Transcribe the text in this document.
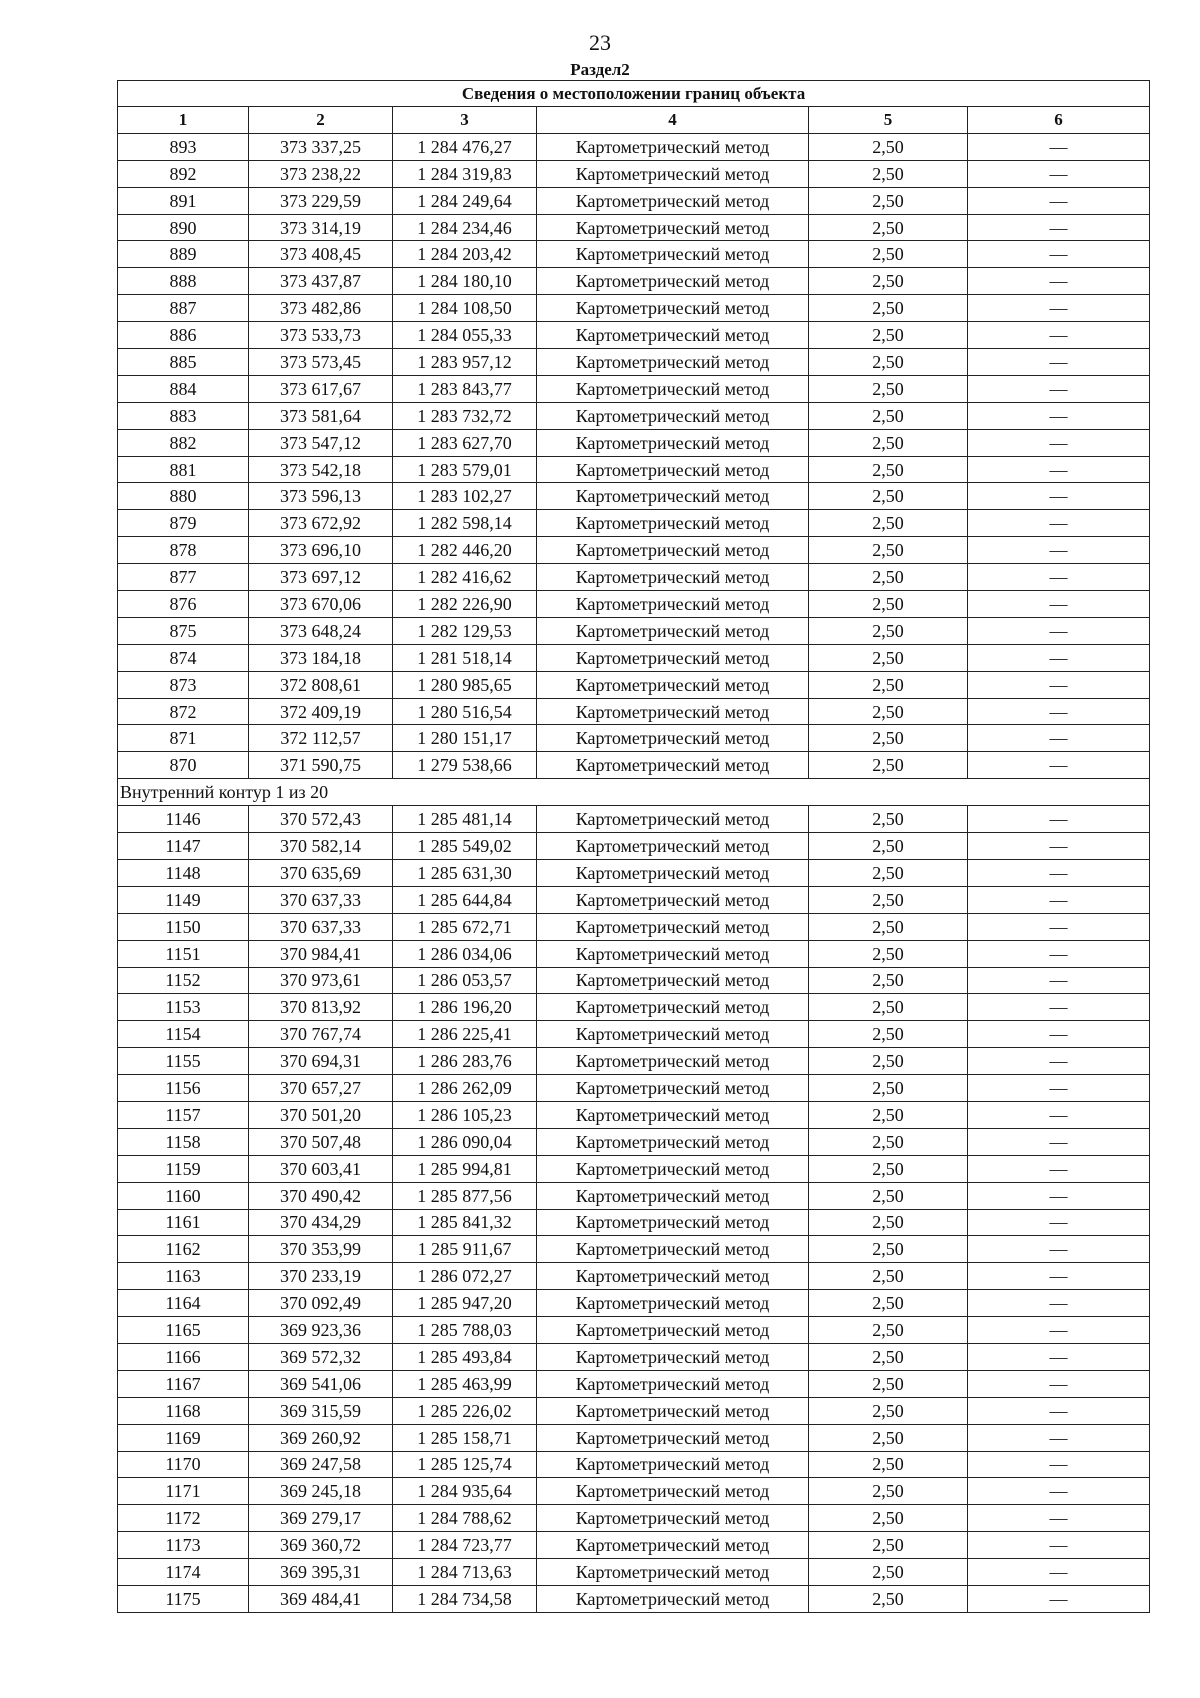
23
Раздел2
Сведения о местоположении границ объекта					
1	2	3	4	5	6
893	373 337,25	1 284 476,27	Картометрический метод	2,50	—
892	373 238,22	1 284 319,83	Картометрический метод	2,50	—
891	373 229,59	1 284 249,64	Картометрический метод	2,50	—
890	373 314,19	1 284 234,46	Картометрический метод	2,50	—
889	373 408,45	1 284 203,42	Картометрический метод	2,50	—
888	373 437,87	1 284 180,10	Картометрический метод	2,50	—
887	373 482,86	1 284 108,50	Картометрический метод	2,50	—
886	373 533,73	1 284 055,33	Картометрический метод	2,50	—
885	373 573,45	1 283 957,12	Картометрический метод	2,50	—
884	373 617,67	1 283 843,77	Картометрический метод	2,50	—
883	373 581,64	1 283 732,72	Картометрический метод	2,50	—
882	373 547,12	1 283 627,70	Картометрический метод	2,50	—
881	373 542,18	1 283 579,01	Картометрический метод	2,50	—
880	373 596,13	1 283 102,27	Картометрический метод	2,50	—
879	373 672,92	1 282 598,14	Картометрический метод	2,50	—
878	373 696,10	1 282 446,20	Картометрический метод	2,50	—
877	373 697,12	1 282 416,62	Картометрический метод	2,50	—
876	373 670,06	1 282 226,90	Картометрический метод	2,50	—
875	373 648,24	1 282 129,53	Картометрический метод	2,50	—
874	373 184,18	1 281 518,14	Картометрический метод	2,50	—
873	372 808,61	1 280 985,65	Картометрический метод	2,50	—
872	372 409,19	1 280 516,54	Картометрический метод	2,50	—
871	372 112,57	1 280 151,17	Картометрический метод	2,50	—
870	371 590,75	1 279 538,66	Картометрический метод	2,50	—
Внутренний контур 1 из 20					
1146	370 572,43	1 285 481,14	Картометрический метод	2,50	—
1147	370 582,14	1 285 549,02	Картометрический метод	2,50	—
1148	370 635,69	1 285 631,30	Картометрический метод	2,50	—
1149	370 637,33	1 285 644,84	Картометрический метод	2,50	—
1150	370 637,33	1 285 672,71	Картометрический метод	2,50	—
1151	370 984,41	1 286 034,06	Картометрический метод	2,50	—
1152	370 973,61	1 286 053,57	Картометрический метод	2,50	—
1153	370 813,92	1 286 196,20	Картометрический метод	2,50	—
1154	370 767,74	1 286 225,41	Картометрический метод	2,50	—
1155	370 694,31	1 286 283,76	Картометрический метод	2,50	—
1156	370 657,27	1 286 262,09	Картометрический метод	2,50	—
1157	370 501,20	1 286 105,23	Картометрический метод	2,50	—
1158	370 507,48	1 286 090,04	Картометрический метод	2,50	—
1159	370 603,41	1 285 994,81	Картометрический метод	2,50	—
1160	370 490,42	1 285 877,56	Картометрический метод	2,50	—
1161	370 434,29	1 285 841,32	Картометрический метод	2,50	—
1162	370 353,99	1 285 911,67	Картометрический метод	2,50	—
1163	370 233,19	1 286 072,27	Картометрический метод	2,50	—
1164	370 092,49	1 285 947,20	Картометрический метод	2,50	—
1165	369 923,36	1 285 788,03	Картометрический метод	2,50	—
1166	369 572,32	1 285 493,84	Картометрический метод	2,50	—
1167	369 541,06	1 285 463,99	Картометрический метод	2,50	—
1168	369 315,59	1 285 226,02	Картометрический метод	2,50	—
1169	369 260,92	1 285 158,71	Картометрический метод	2,50	—
1170	369 247,58	1 285 125,74	Картометрический метод	2,50	—
1171	369 245,18	1 284 935,64	Картометрический метод	2,50	—
1172	369 279,17	1 284 788,62	Картометрический метод	2,50	—
1173	369 360,72	1 284 723,77	Картометрический метод	2,50	—
1174	369 395,31	1 284 713,63	Картометрический метод	2,50	—
1175	369 484,41	1 284 734,58	Картометрический метод	2,50	—
